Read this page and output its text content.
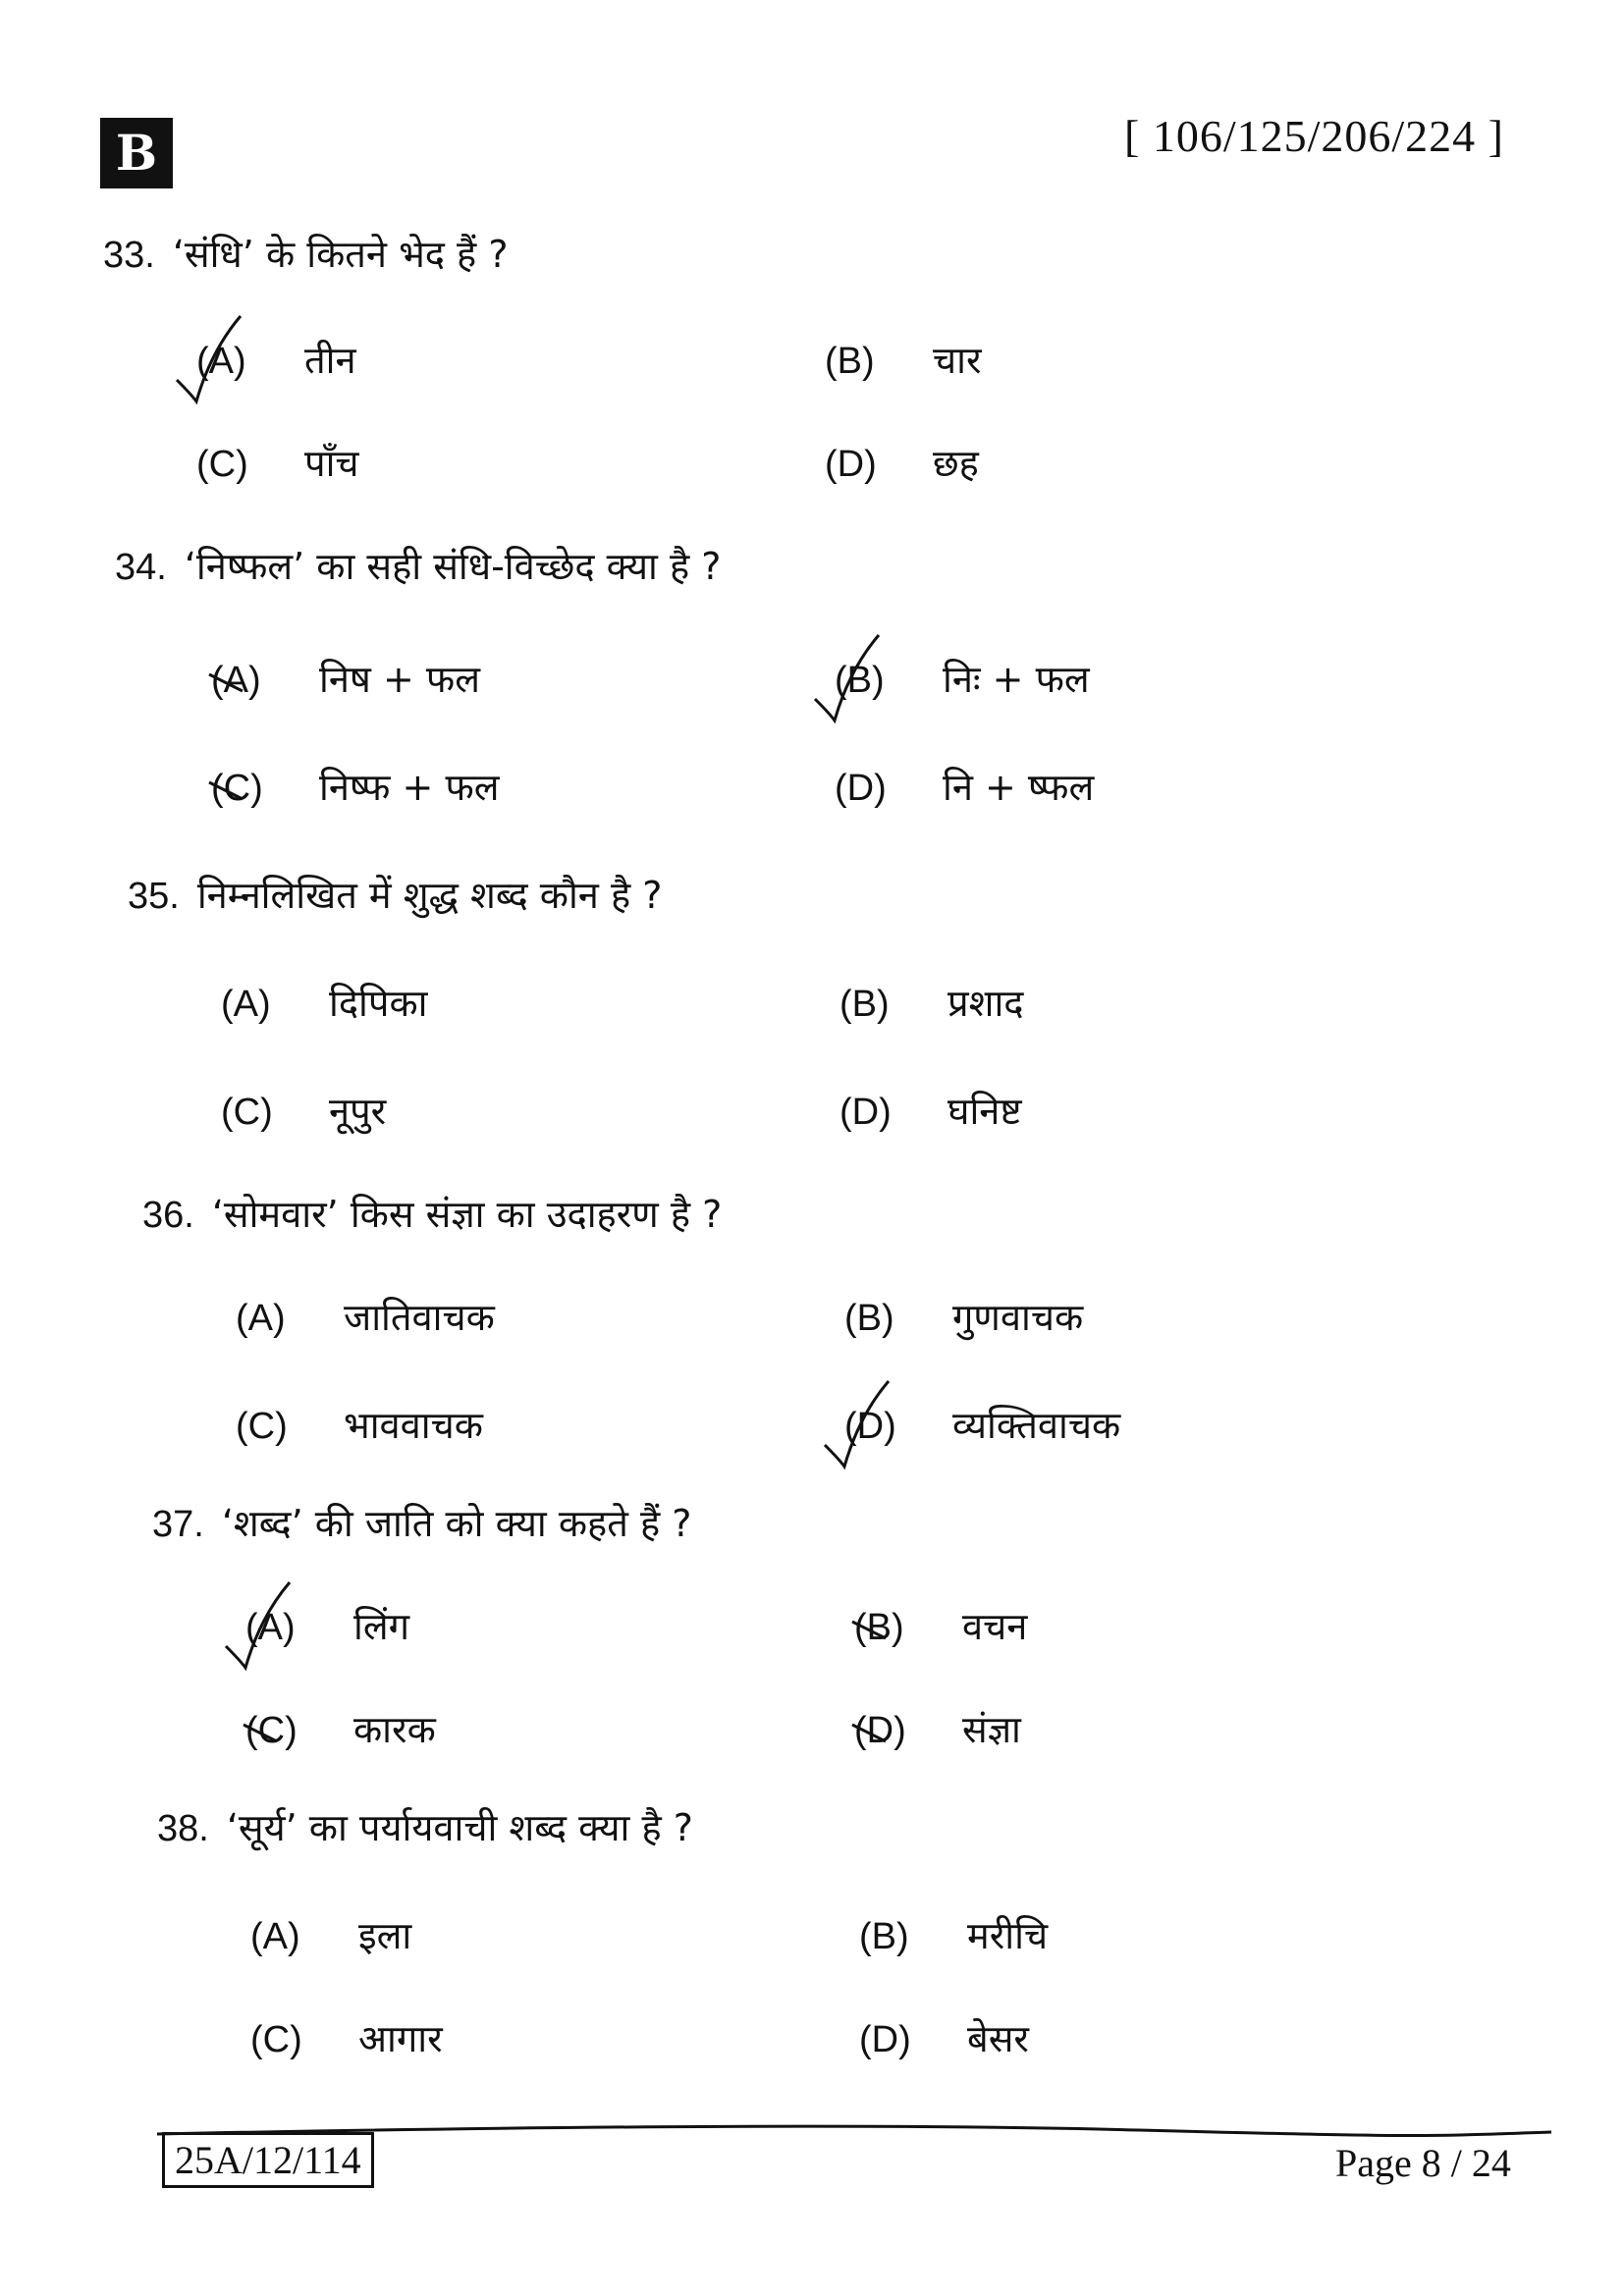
B	[ 106/125/206/224 ]
33. ‘संधि’ के कितने भेद हैं ?
(A) तीन	(B) चार
(C) पाँच	(D) छह
34. ‘निष्फल’ का सही संधि-विच्छेद क्या है ?
(A) निष + फल	(B) निः + फल
(C) निष्फ + फल	(D) नि + ष्फल
35. निम्नलिखित में शुद्ध शब्द कौन है ?
(A) दिपिका	(B) प्रशाद
(C) नूपुर	(D) घनिष्ट
36. ‘सोमवार’ किस संज्ञा का उदाहरण है ?
(A) जातिवाचक	(B) गुणवाचक
(C) भाववाचक	(D) व्यक्तिवाचक
37. ‘शब्द’ की जाति को क्या कहते हैं ?
(A) लिंग	(B) वचन
(C) कारक	(D) संज्ञा
38. ‘सूर्य’ का पर्यायवाची शब्द क्या है ?
(A) इला	(B) मरीचि
(C) आगार	(D) बेसर
25A/12/114	Page 8 / 24
